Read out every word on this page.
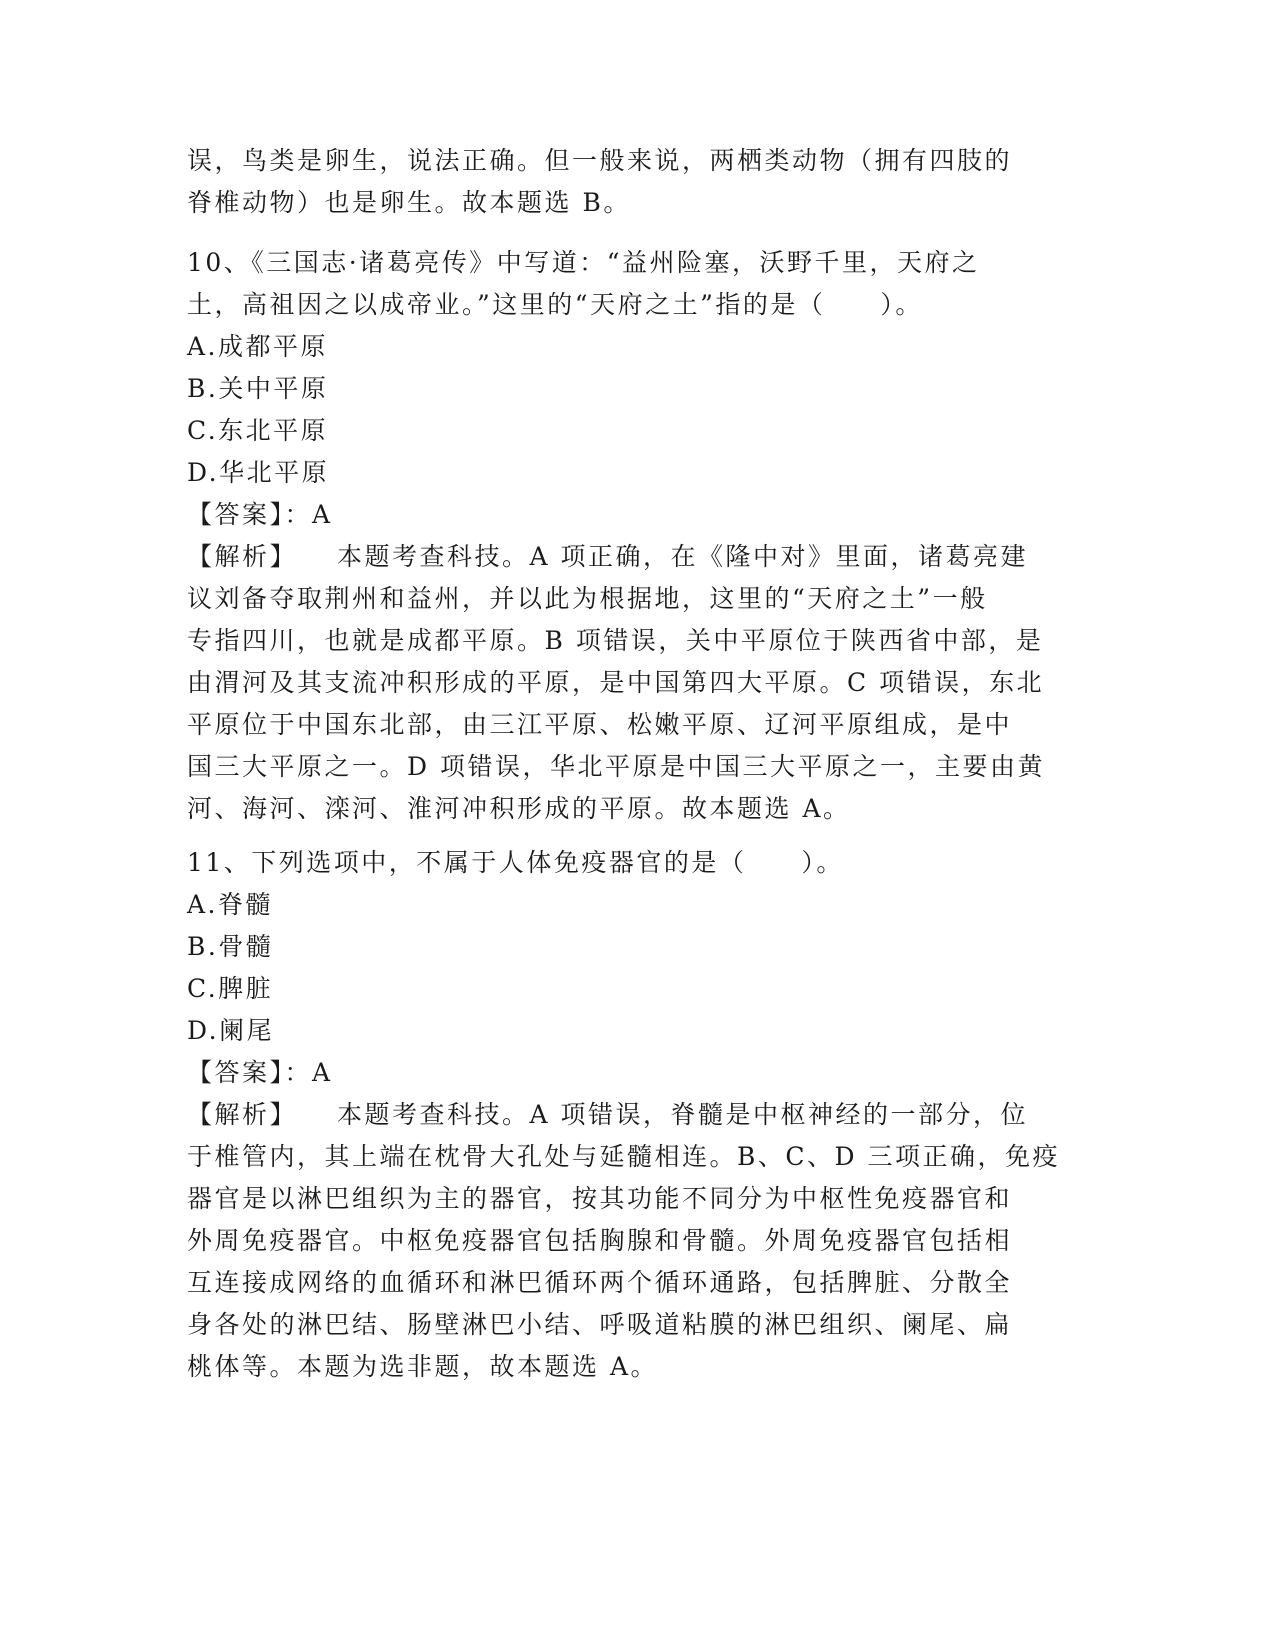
误，鸟类是卵生，说法正确。但一般来说，两栖类动物（拥有四肢的
脊椎动物）也是卵生。故本题选 B。
10、《三国志·诸葛亮传》中写道：“益州险塞，沃野千里，天府之
土，高祖因之以成帝业。”这里的“天府之土”指的是（　　）。
A.成都平原
B.关中平原
C.东北平原
D.华北平原
【答案】：A
【解析】 本题考查科技。A 项正确，在《隆中对》里面，诸葛亮建
议刘备夺取荆州和益州，并以此为根据地，这里的“天府之土”一般
专指四川，也就是成都平原。B 项错误，关中平原位于陕西省中部，是
由渭河及其支流冲积形成的平原，是中国第四大平原。C 项错误，东北
平原位于中国东北部，由三江平原、松嫩平原、辽河平原组成，是中
国三大平原之一。D 项错误，华北平原是中国三大平原之一，主要由黄
河、海河、滦河、淮河冲积形成的平原。故本题选 A。
11、下列选项中，不属于人体免疫器官的是（　　）。
A.脊髓
B.骨髓
C.脾脏
D.阑尾
【答案】：A
【解析】 本题考查科技。A 项错误，脊髓是中枢神经的一部分，位
于椎管内，其上端在枕骨大孔处与延髓相连。B、C、D 三项正确，免疫
器官是以淋巴组织为主的器官，按其功能不同分为中枢性免疫器官和
外周免疫器官。中枢免疫器官包括胸腺和骨髓。外周免疫器官包括相
互连接成网络的血循环和淋巴循环两个循环通路，包括脾脏、分散全
身各处的淋巴结、肠壁淋巴小结、呼吸道粘膜的淋巴组织、阑尾、扁
桃体等。本题为选非题，故本题选 A。
